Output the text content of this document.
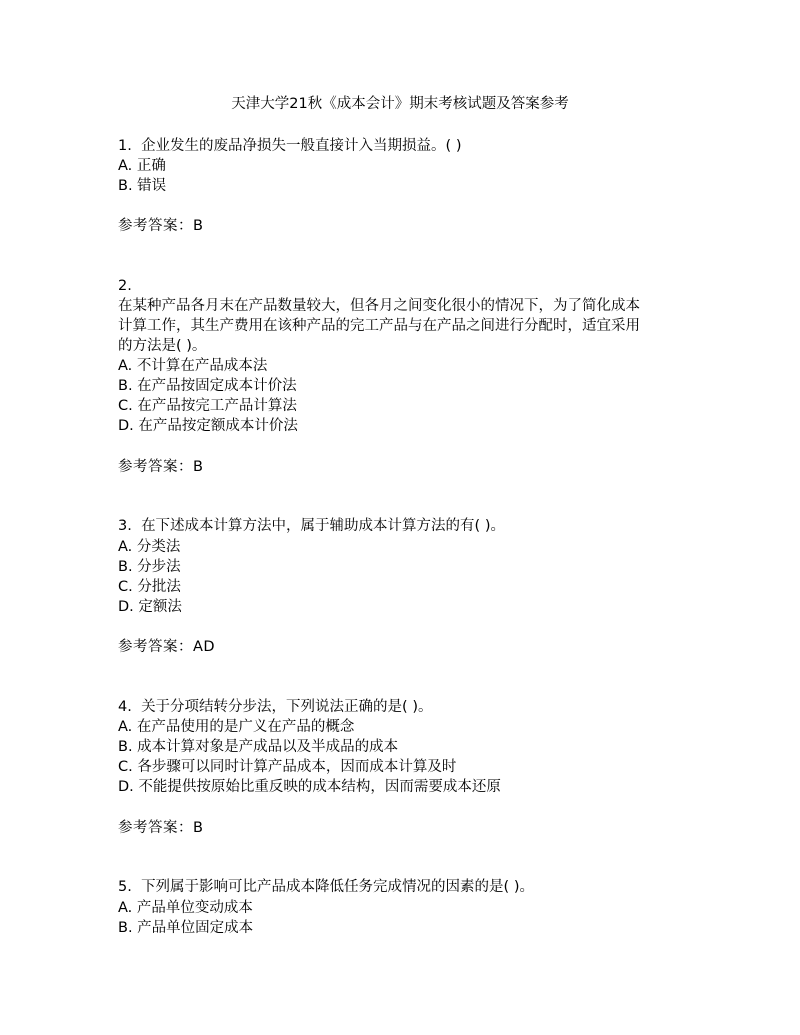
天津大学21秋《成本会计》期末考核试题及答案参考

1. 企业发生的废品净损失一般直接计入当期损益。( )

A. 正确

B. 错误

参考答案：B

2.

在某种产品各月末在产品数量较大，但各月之间变化很小的情况下，为了简化成本

计算工作，其生产费用在该种产品的完工产品与在产品之间进行分配时，适宜采用

的方法是( )。

A. 不计算在产品成本法

B. 在产品按固定成本计价法

C. 在产品按完工产品计算法

D. 在产品按定额成本计价法

参考答案：B

3. 在下述成本计算方法中，属于辅助成本计算方法的有( )。

A. 分类法

B. 分步法

C. 分批法

D. 定额法

参考答案：AD

4. 关于分项结转分步法，下列说法正确的是( )。

A. 在产品使用的是广义在产品的概念

B. 成本计算对象是产成品以及半成品的成本

C. 各步骤可以同时计算产品成本，因而成本计算及时

D. 不能提供按原始比重反映的成本结构，因而需要成本还原

参考答案：B

5. 下列属于影响可比产品成本降低任务完成情况的因素的是( )。

A. 产品单位变动成本

B. 产品单位固定成本
